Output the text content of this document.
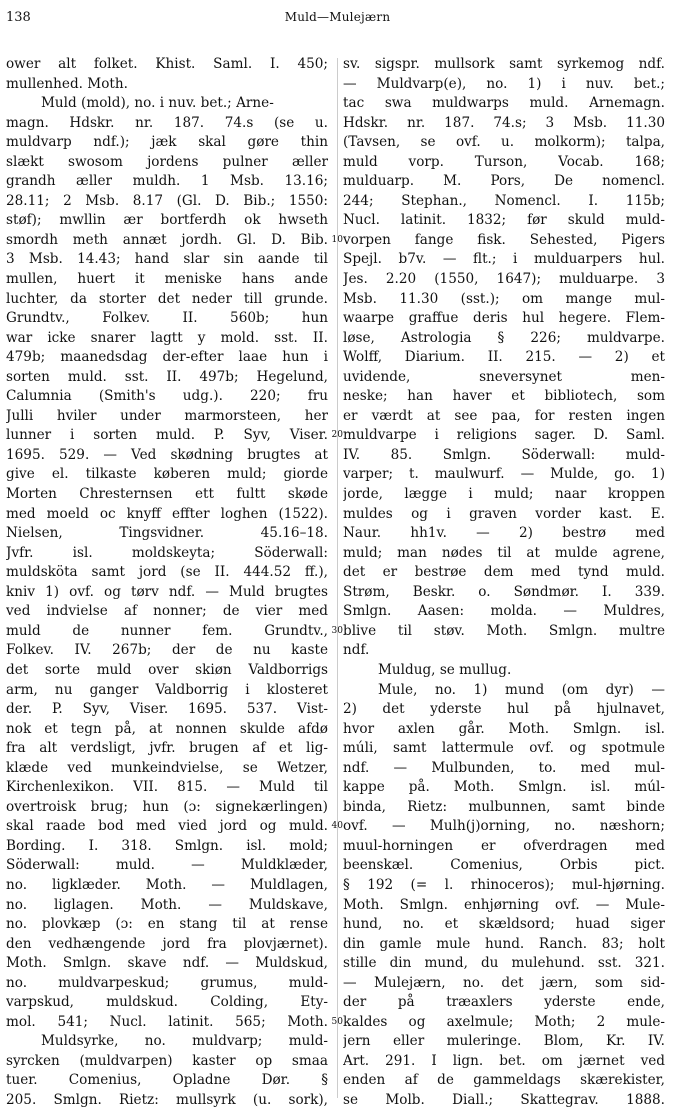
138	Muld—Mulejærn
ower alt folket. Khist. Saml. I. 450;
mullenhed. Moth.
Muld (mold), no. i nuv. bet.; Arne-
magn. Hdskr. nr. 187. 74.s (se u.
muldvarp ndf.); jæk skal gøre thin
slækt swosom jordens pulner æller
grandh æller muldh. 1 Msb. 13.16;
28.11; 2 Msb. 8.17 (Gl. D. Bib.; 1550:
støf); mwllin ær bortferdh ok hwseth
smordh meth annæt jordh. Gl. D. Bib.
3 Msb. 14.43; hand slar sin aande til
mullen, huert it meniske hans ande
luchter, da storter det neder till grunde.
Grundtv., Folkev. II. 560b; hun
war icke snarer lagtt y mold. sst. II.
479b; maanedsdag der-efter laae hun i
sorten muld. sst. II. 497b; Hegelund,
Calumnia (Smith's udg.). 220; fru
Julli hviler under marmorsteen, her
lunner i sorten muld. P. Syv, Viser.
1695. 529. — Ved skødning brugtes at
give el. tilkaste køberen muld; giorde
Morten Chresternsen ett fultt skøde
med moeld oc knyff effter loghen (1522).
Nielsen, Tingsvidner. 45.16–18.
Jvfr. isl. moldskeyta; Söderwall:
muldsköta samt jord (se II. 444.52 ff.),
kniv 1) ovf. og tørv ndf. — Muld brugtes
ved indvielse af nonner; de vier med
muld de nunner fem. Grundtv.,
Folkev. IV. 267b; der de nu kaste
det sorte muld over skiøn Valdborrigs
arm, nu ganger Valdborrig i klosteret
der. P. Syv, Viser. 1695. 537. Vist-
nok et tegn på, at nonnen skulde afdø
fra alt verdsligt, jvfr. brugen af et lig-
klæde ved munkeindvielse, se Wetzer,
Kirchenlexikon. VII. 815. — Muld til
overtroisk brug; hun (ɔ: signekærlingen)
skal raade bod med vied jord og muld.
Bording. I. 318. Smlgn. isl. mold;
Söderwall: muld. — Muldklæder,
no. ligklæder. Moth. — Muldlagen,
no. liglagen. Moth. — Muldskave,
no. plovkæp (ɔ: en stang til at rense
den vedhængende jord fra plovjærnet).
Moth. Smlgn. skave ndf. — Muldskud,
no. muldvarpeskud; grumus, muld-
varpskud, muldskud. Colding, Ety-
mol. 541; Nucl. latinit. 565; Moth.
Muldsyrke, no. muldvarp; muld-
syrcken (muldvarpen) kaster op smaa
tuer. Comenius, Opladne Dør. §
205. Smlgn. Rietz: mullsyrk (u. sork),
sv. sigspr. mullsork samt syrkemog ndf.
— Muldvarp(e), no. 1) i nuv. bet.;
tac swa muldwarps muld. Arnemagn.
Hdskr. nr. 187. 74.s; 3 Msb. 11.30
(Tavsen, se ovf. u. molkorm); talpa,
muld vorp. Turson, Vocab. 168;
mulduarp. M. Pors, De nomencl.
244; Stephan., Nomencl. I. 115b;
Nucl. latinit. 1832; før skuld muld-
vorpen fange fisk. Sehested, Pigers
Spejl. b7v. — flt.; i mulduarpers hul.
Jes. 2.20 (1550, 1647); mulduarpe. 3
Msb. 11.30 (sst.); om mange mul-
waarpe graffue deris hul hegere. Flem-
løse, Astrologia § 226; muldvarpe.
Wolff, Diarium. II. 215. — 2) et
uvidende, sneversynet men-
neske; han haver et bibliotech, som
er værdt at see paa, for resten ingen
muldvarpe i religions sager. D. Saml.
IV. 85. Smlgn. Söderwall: muld-
varper; t. maulwurf. — Mulde, go. 1)
jorde, lægge i muld; naar kroppen
muldes og i graven vorder kast. E.
Naur. hh1v. — 2) bestrø med
muld; man nødes til at mulde agrene,
det er bestrøe dem med tynd muld.
Strøm, Beskr. o. Søndmør. I. 339.
Smlgn. Aasen: molda. — Muldres,
blive til støv. Moth. Smlgn. multre
ndf.
Muldug, se mullug.
Mule, no. 1) mund (om dyr) —
2) det yderste hul på hjulnavet,
hvor axlen går. Moth. Smlgn. isl.
múli, samt lattermule ovf. og spotmule
ndf. — Mulbunden, to. med mul-
kappe på. Moth. Smlgn. isl. múl-
binda, Rietz: mulbunnen, samt binde
ovf. — Mulh(j)orning, no. næshorn;
muul-horningen er ofverdragen med
beenskæl. Comenius, Orbis pict.
§ 192 (= l. rhinoceros); mul-hjørning.
Moth. Smlgn. enhjørning ovf. — Mule-
hund, no. et skældsord; huad siger
din gamle mule hund. Ranch. 83; holt
stille din mund, du mulehund. sst. 321.
— Mulejærn, no. det jærn, som sid-
der på træaxlers yderste ende,
kaldes og axelmule; Moth; 2 mule-
jern eller muleringe. Blom, Kr. IV.
Art. 291. I lign. bet. om jærnet ved
enden af de gammeldags skærekister,
se Molb. Diall.; Skattegrav. 1888.
10
20
30
40
50
